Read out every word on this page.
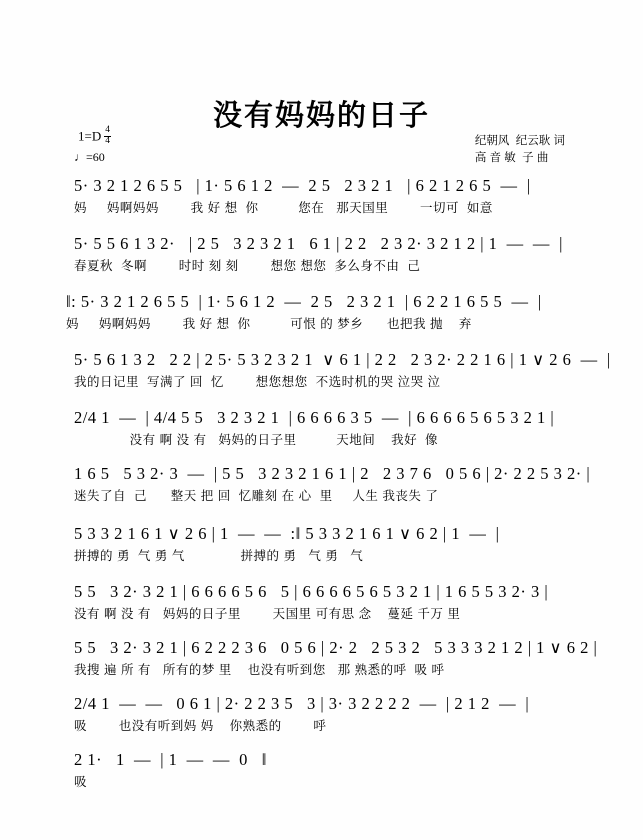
没有妈妈的日子
$1=D \frac{4}{4}$
♩=60
纪朝风  纪云耿 词
高 音 敏  子 曲
5· 3 2 1 2 6 5 5   | 1· 5 6 1 2  —  2 5   2 3 2 1   | 6 2 1 2 6 5  —  |
妈     妈啊妈妈        我 好 想  你          您在   那天国里        一切可  如意
5· 5 5 6 1 3 2·   | 2 5   3 2 3 2 1   6 1 | 2 2   2 3 2· 3 2 1 2 | 1  —  —  |
春夏秋  冬啊        时时 刻 刻        想您 想您  多么身不由  己
‖: 5· 3 2 1 2 6 5 5  | 1· 5 6 1 2  —  2 5   2 3 2 1  | 6 2 2 1 6 5 5  —  |
妈     妈啊妈妈        我 好 想  你          可恨 的 梦乡      也把我 抛    弃
5· 5 6 1 3 2   2 2 | 2 5· 5 3 2 3 2 1  ∨ 6 1 | 2 2   2 3 2· 2 2 1 6 | 1 ∨ 2 6  —  |
我的日记里  写满了 回  忆        想您想您  不选时机的哭 泣哭 泣
2/4 1  —  | 4/4 5 5   3 2 3 2 1  | 6 6 6 6 3 5  —  | 6 6 6 6 5 6 5 3 2 1 |
没有 啊 没 有   妈妈的日子里          天地间    我好  像
1 6 5   5 3 2· 3  —  | 5 5   3 2 3 2 1 6 1 | 2   2 3 7 6   0 5 6 | 2· 2 2 5 3 2· |
迷失了自  己      整天 把 回  忆雕刻 在 心  里     人生 我丧失 了
5 3 3 2 1 6 1 ∨ 2 6 | 1  —  —  :‖ 5 3 3 2 1 6 1 ∨ 6 2 | 1  —  |
拼搏的 勇  气 勇 气              拼搏的 勇   气 勇   气
5 5   3 2· 3 2 1 | 6 6 6 6 5 6   5 | 6 6 6 6 5 6 5 3 2 1 | 1 6 5 5 3 2· 3 |
没有 啊 没 有   妈妈的日子里        天国里 可有思 念    蔓延 千万 里
5 5   3 2· 3 2 1 | 6 2 2 2 3 6   0 5 6 | 2· 2   2 5 3 2   5 3 3 3 2 1 2 | 1 ∨ 6 2 |
我搜 遍 所 有   所有的梦 里    也没有听到您   那 熟悉的呼  吸 呼
2/4 1  —  —   0 6 1 | 2· 2 2 3 5   3 | 3· 3 2 2 2 2  —  | 2 1 2  —  |
吸        也没有听到妈 妈    你熟悉的        呼
2 1·   1  —  | 1  —  —  0   ‖
吸
